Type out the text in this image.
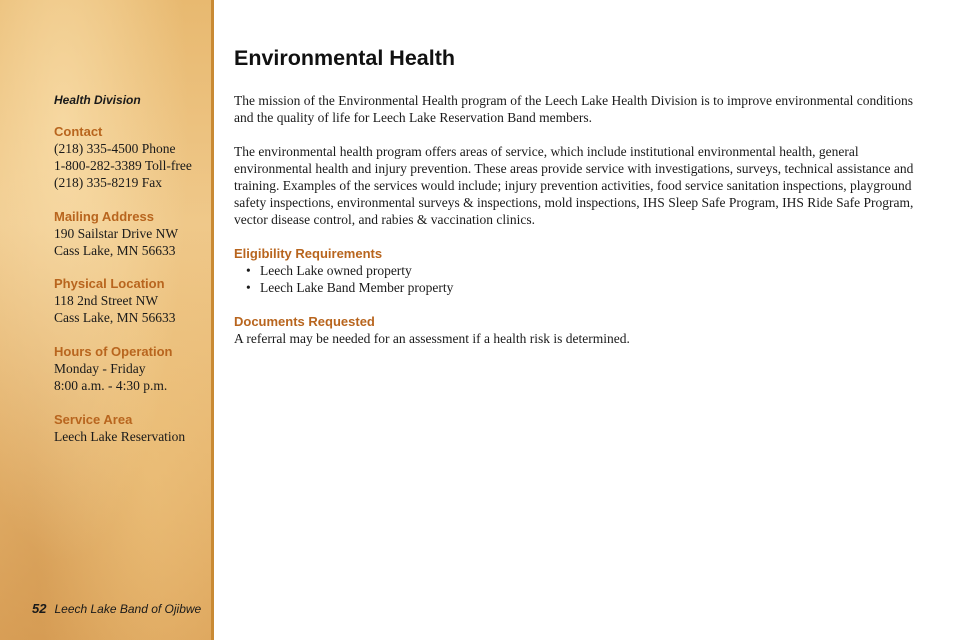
Health Division
Contact
(218) 335-4500 Phone
1-800-282-3389 Toll-free
(218) 335-8219 Fax
Mailing Address
190 Sailstar Drive NW
Cass Lake, MN 56633
Physical Location
118 2nd Street NW
Cass Lake, MN 56633
Hours of Operation
Monday - Friday
8:00 a.m. - 4:30 p.m.
Service Area
Leech Lake Reservation
52 Leech Lake Band of Ojibwe
Environmental Health

The mission of the Environmental Health program of the Leech Lake Health Division is to improve environmental conditions and the quality of life for Leech Lake Reservation Band members.

The environmental health program offers areas of service, which include institutional environmental health, general environmental health and injury prevention. These areas provide service with investigations, surveys, technical assistance and training. Examples of the services would include; injury prevention activities, food service sanitation inspections, playground safety inspections, environmental surveys & inspections, mold inspections, IHS Sleep Safe Program, IHS Ride Safe Program, vector disease control, and rabies & vaccination clinics.

Eligibility Requirements
• Leech Lake owned property
• Leech Lake Band Member property
Documents Requested
A referral may be needed for an assessment if a health risk is determined.
